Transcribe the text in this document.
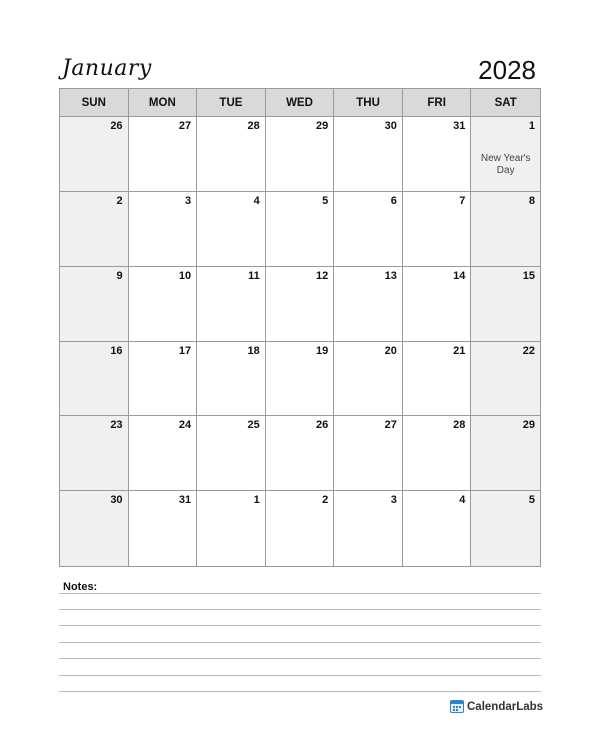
January	2028
SUN	MON	TUE	WED	THU	FRI	SAT
26	27	28	29	30	31	1
New Year's
Day
2	3	4	5	6	7	8
9	10	11	12	13	14	15
16	17	18	19	20	21	22
23	24	25	26	27	28	29
30	31	1	2	3	4	5
Notes:
CalendarLabs
